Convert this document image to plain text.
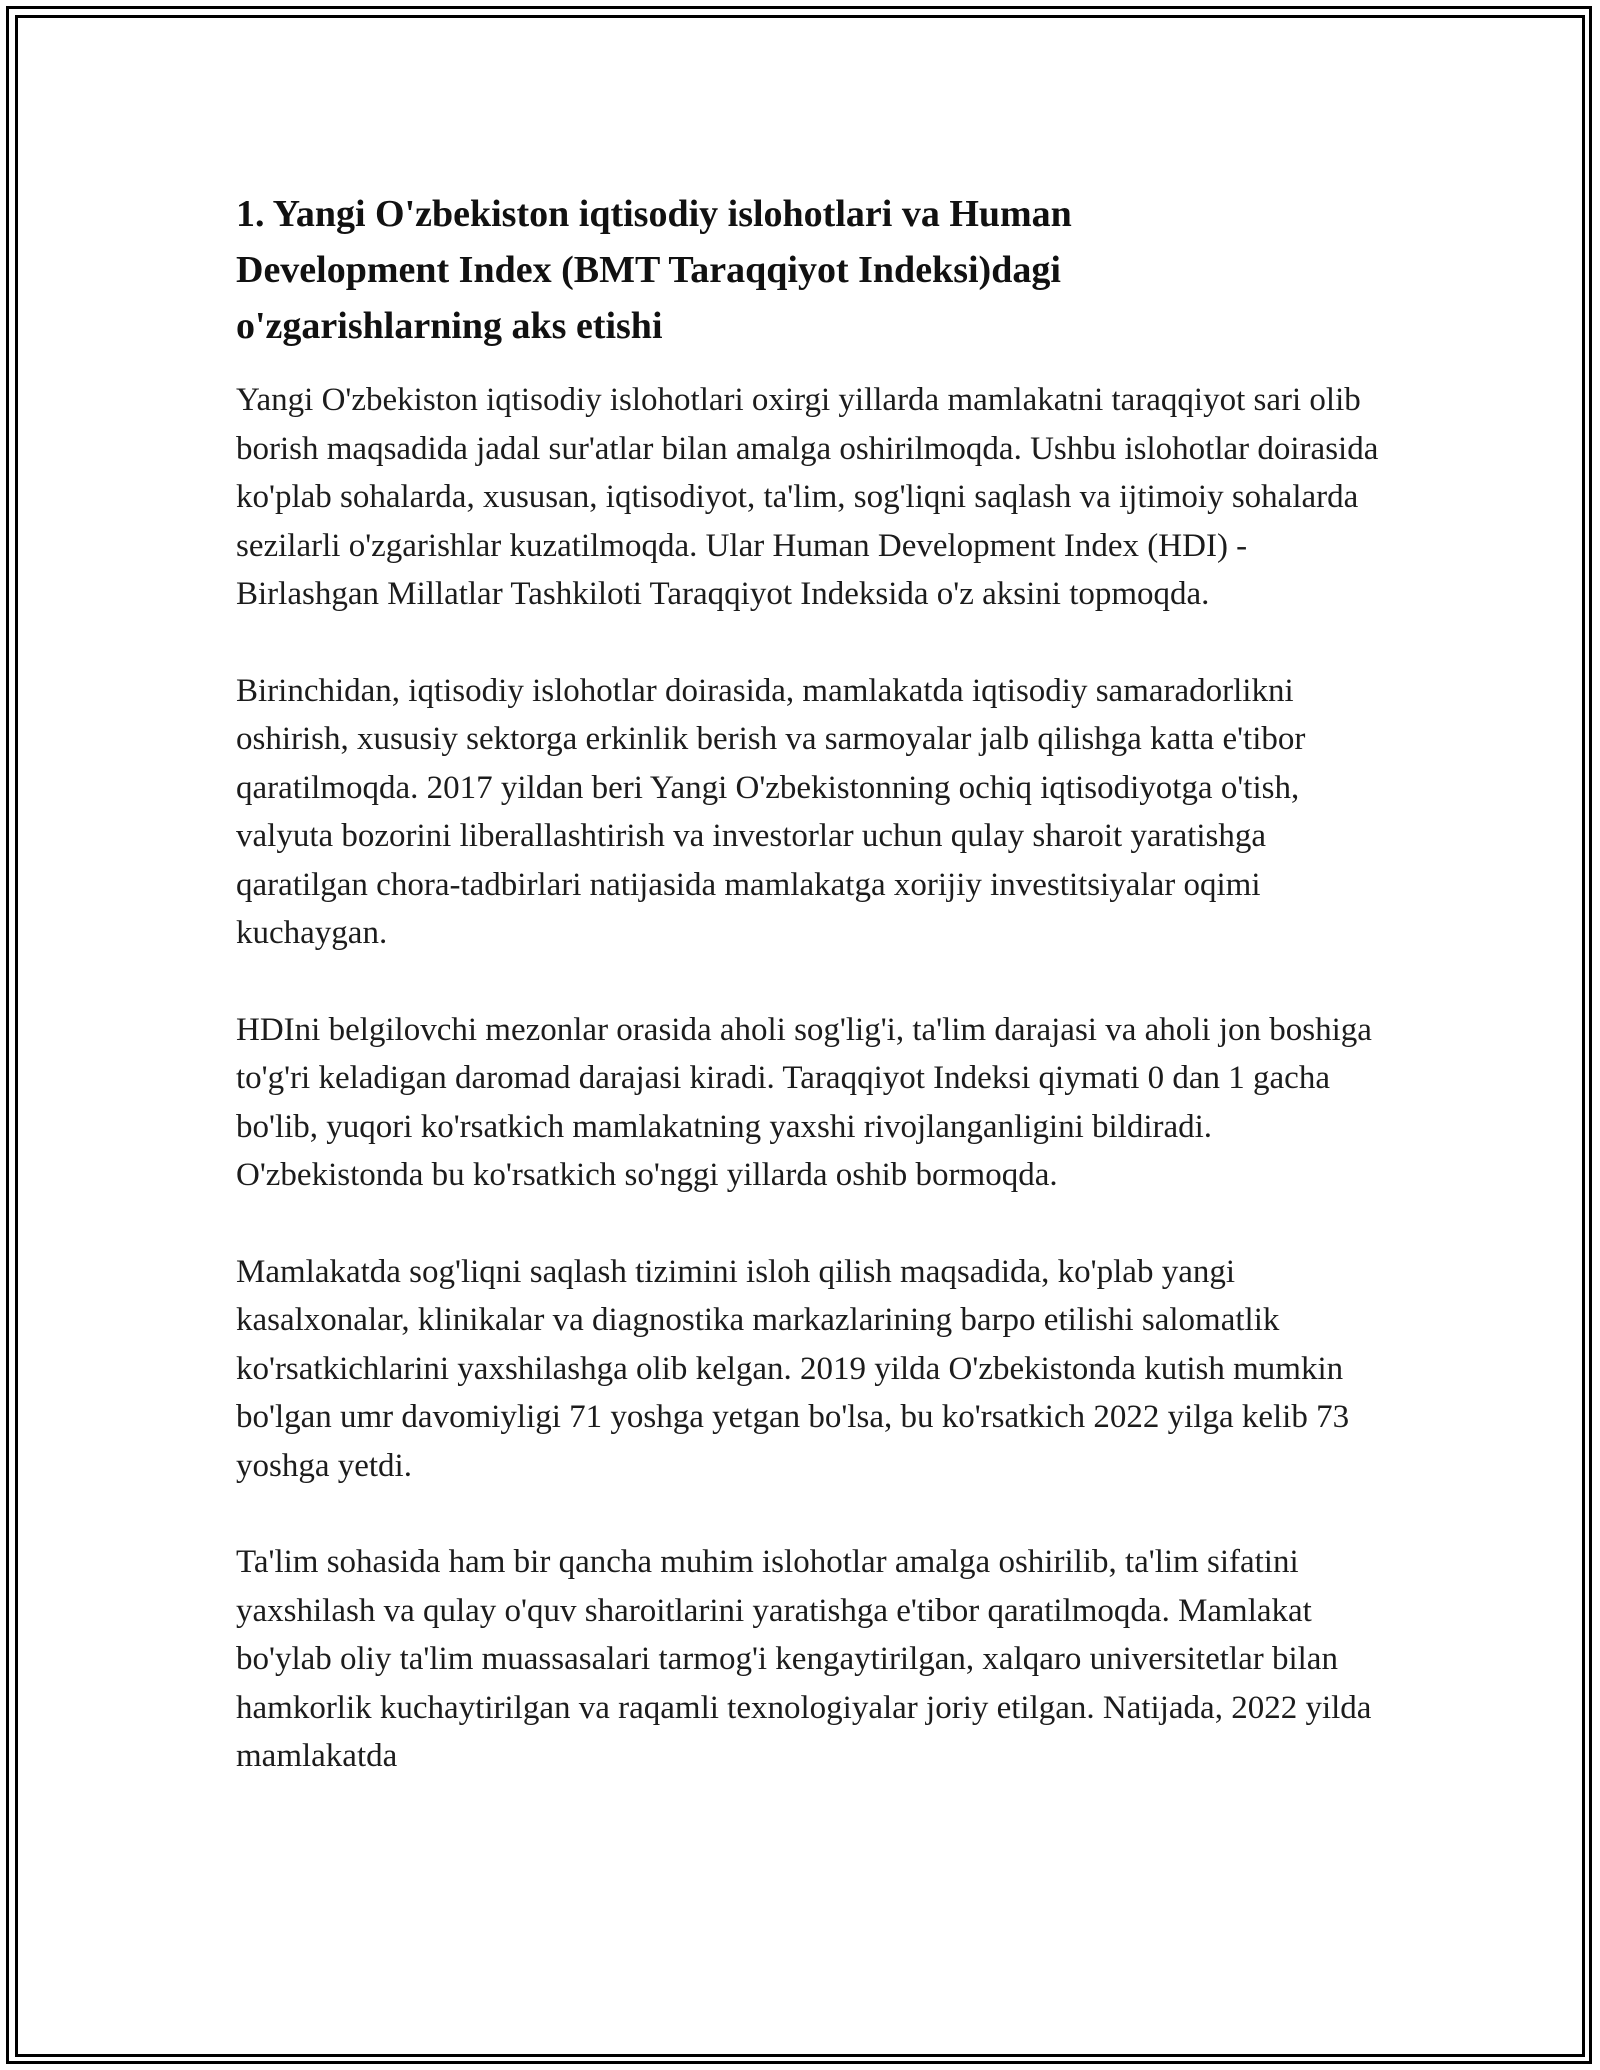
1. Yangi O'zbekiston iqtisodiy islohotlari va Human Development Index (BMT Taraqqiyot Indeksi)dagi o'zgarishlarning aks etishi

Yangi O'zbekiston iqtisodiy islohotlari oxirgi yillarda mamlakatni taraqqiyot sari olib borish maqsadida jadal sur'atlar bilan amalga oshirilmoqda. Ushbu islohotlar doirasida ko'plab sohalarda, xususan, iqtisodiyot, ta'lim, sog'liqni saqlash va ijtimoiy sohalarda sezilarli o'zgarishlar kuzatilmoqda. Ular Human Development Index (HDI) - Birlashgan Millatlar Tashkiloti Taraqqiyot Indeksida o'z aksini topmoqda.

Birinchidan, iqtisodiy islohotlar doirasida, mamlakatda iqtisodiy samaradorlikni oshirish, xususiy sektorga erkinlik berish va sarmoyalar jalb qilishga katta e'tibor qaratilmoqda. 2017 yildan beri Yangi O'zbekistonning ochiq iqtisodiyotga o'tish, valyuta bozorini liberallashtirish va investorlar uchun qulay sharoit yaratishga qaratilgan chora-tadbirlari natijasida mamlakatga xorijiy investitsiyalar oqimi kuchaygan.

HDIni belgilovchi mezonlar orasida aholi sog'lig'i, ta'lim darajasi va aholi jon boshiga to'g'ri keladigan daromad darajasi kiradi. Taraqqiyot Indeksi qiymati 0 dan 1 gacha bo'lib, yuqori ko'rsatkich mamlakatning yaxshi rivojlanganligini bildiradi. O'zbekistonda bu ko'rsatkich so'nggi yillarda oshib bormoqda.

Mamlakatda sog'liqni saqlash tizimini isloh qilish maqsadida, ko'plab yangi kasalxonalar, klinikalar va diagnostika markazlarining barpo etilishi salomatlik ko'rsatkichlarini yaxshilashga olib kelgan. 2019 yilda O'zbekistonda kutish mumkin bo'lgan umr davomiyligi 71 yoshga yetgan bo'lsa, bu ko'rsatkich 2022 yilga kelib 73 yoshga yetdi.

Ta'lim sohasida ham bir qancha muhim islohotlar amalga oshirilib, ta'lim sifatini yaxshilash va qulay o'quv sharoitlarini yaratishga e'tibor qaratilmoqda. Mamlakat bo'ylab oliy ta'lim muassasalari tarmog'i kengaytirilgan, xalqaro universitetlar bilan hamkorlik kuchaytirilgan va raqamli texnologiyalar joriy etilgan. Natijada, 2022 yilda mamlakatda
